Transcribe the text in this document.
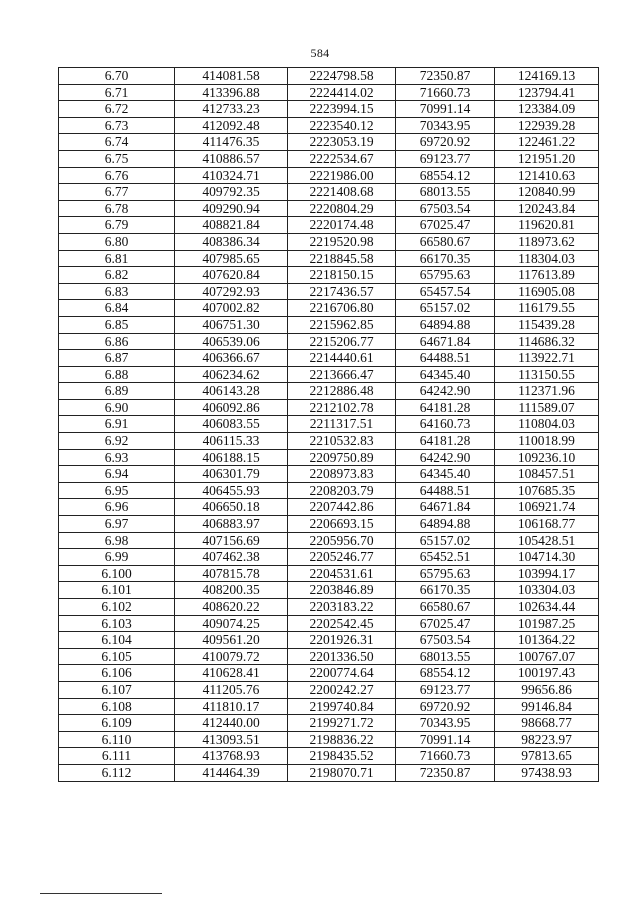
584
6.70	414081.58	2224798.58	72350.87	124169.13
6.71	413396.88	2224414.02	71660.73	123794.41
6.72	412733.23	2223994.15	70991.14	123384.09
6.73	412092.48	2223540.12	70343.95	122939.28
6.74	411476.35	2223053.19	69720.92	122461.22
6.75	410886.57	2222534.67	69123.77	121951.20
6.76	410324.71	2221986.00	68554.12	121410.63
6.77	409792.35	2221408.68	68013.55	120840.99
6.78	409290.94	2220804.29	67503.54	120243.84
6.79	408821.84	2220174.48	67025.47	119620.81
6.80	408386.34	2219520.98	66580.67	118973.62
6.81	407985.65	2218845.58	66170.35	118304.03
6.82	407620.84	2218150.15	65795.63	117613.89
6.83	407292.93	2217436.57	65457.54	116905.08
6.84	407002.82	2216706.80	65157.02	116179.55
6.85	406751.30	2215962.85	64894.88	115439.28
6.86	406539.06	2215206.77	64671.84	114686.32
6.87	406366.67	2214440.61	64488.51	113922.71
6.88	406234.62	2213666.47	64345.40	113150.55
6.89	406143.28	2212886.48	64242.90	112371.96
6.90	406092.86	2212102.78	64181.28	111589.07
6.91	406083.55	2211317.51	64160.73	110804.03
6.92	406115.33	2210532.83	64181.28	110018.99
6.93	406188.15	2209750.89	64242.90	109236.10
6.94	406301.79	2208973.83	64345.40	108457.51
6.95	406455.93	2208203.79	64488.51	107685.35
6.96	406650.18	2207442.86	64671.84	106921.74
6.97	406883.97	2206693.15	64894.88	106168.77
6.98	407156.69	2205956.70	65157.02	105428.51
6.99	407462.38	2205246.77	65452.51	104714.30
6.100	407815.78	2204531.61	65795.63	103994.17
6.101	408200.35	2203846.89	66170.35	103304.03
6.102	408620.22	2203183.22	66580.67	102634.44
6.103	409074.25	2202542.45	67025.47	101987.25
6.104	409561.20	2201926.31	67503.54	101364.22
6.105	410079.72	2201336.50	68013.55	100767.07
6.106	410628.41	2200774.64	68554.12	100197.43
6.107	411205.76	2200242.27	69123.77	99656.86
6.108	411810.17	2199740.84	69720.92	99146.84
6.109	412440.00	2199271.72	70343.95	98668.77
6.110	413093.51	2198836.22	70991.14	98223.97
6.111	413768.93	2198435.52	71660.73	97813.65
6.112	414464.39	2198070.71	72350.87	97438.93
